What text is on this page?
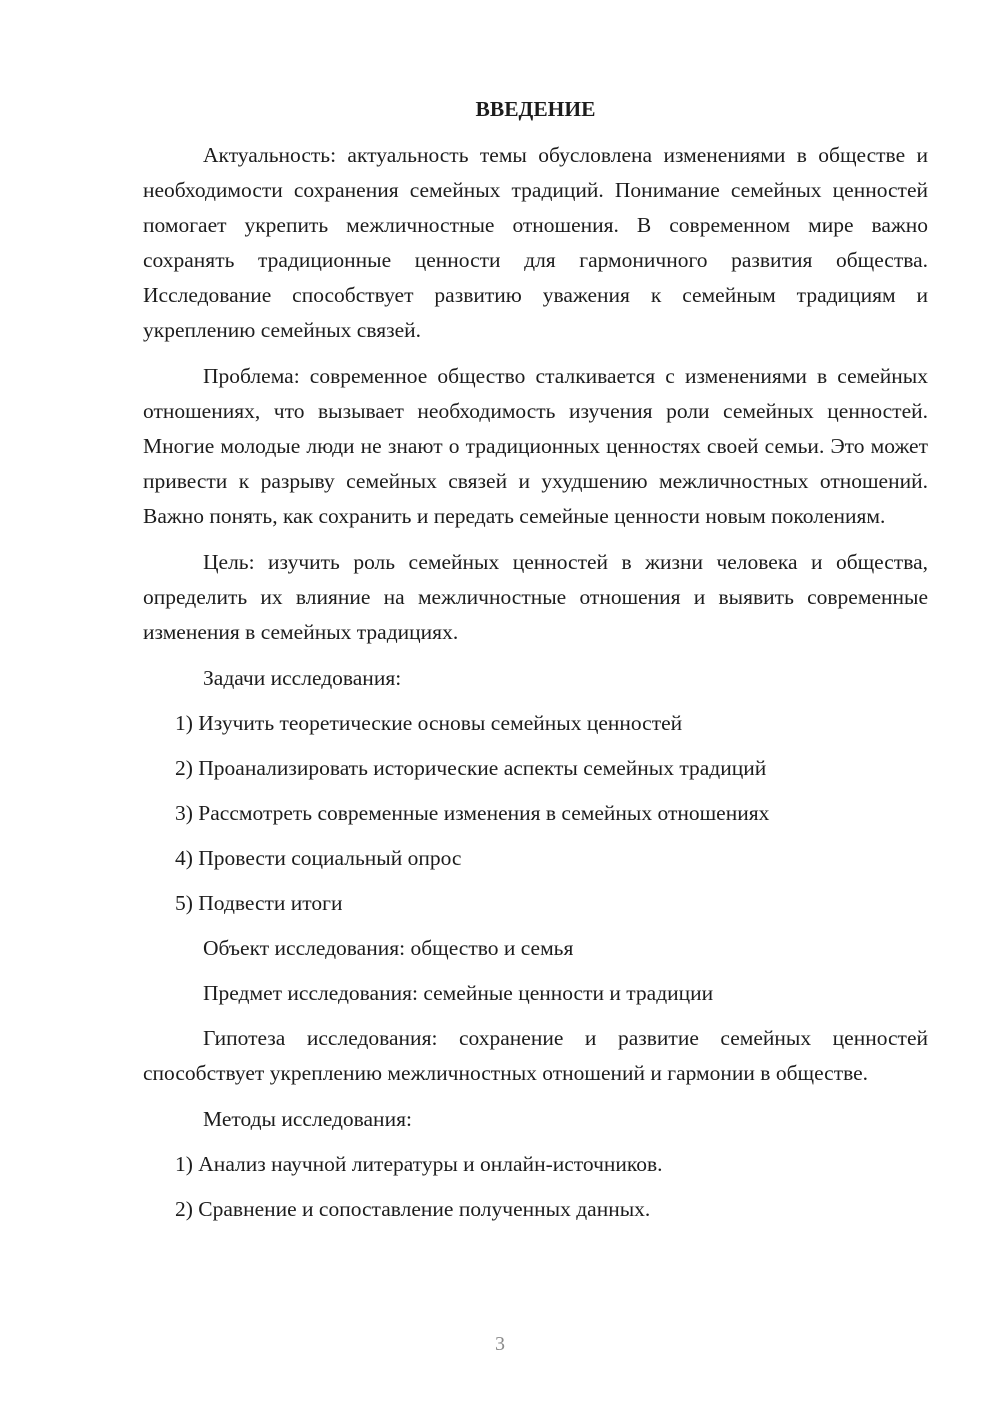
ВВЕДЕНИЕ

Актуальность: актуальность темы обусловлена изменениями в обществе и необходимости сохранения семейных традиций. Понимание семейных ценностей помогает укрепить межличностные отношения. В современном мире важно сохранять традиционные ценности для гармоничного развития общества. Исследование способствует развитию уважения к семейным традициям и укреплению семейных связей.

Проблема: современное общество сталкивается с изменениями в семейных отношениях, что вызывает необходимость изучения роли семейных ценностей. Многие молодые люди не знают о традиционных ценностях своей семьи. Это может привести к разрыву семейных связей и ухудшению межличностных отношений. Важно понять, как сохранить и передать семейные ценности новым поколениям.

Цель: изучить роль семейных ценностей в жизни человека и общества, определить их влияние на межличностные отношения и выявить современные изменения в семейных традициях.

Задачи исследования:

1) Изучить теоретические основы семейных ценностей

2) Проанализировать исторические аспекты семейных традиций

3) Рассмотреть современные изменения в семейных отношениях

4) Провести социальный опрос

5) Подвести итоги

Объект исследования: общество и семья

Предмет исследования: семейные ценности и традиции

Гипотеза исследования: сохранение и развитие семейных ценностей способствует укреплению межличностных отношений и гармонии в обществе.

Методы исследования:

1) Анализ научной литературы и онлайн-источников.

2) Сравнение и сопоставление полученных данных.

3
